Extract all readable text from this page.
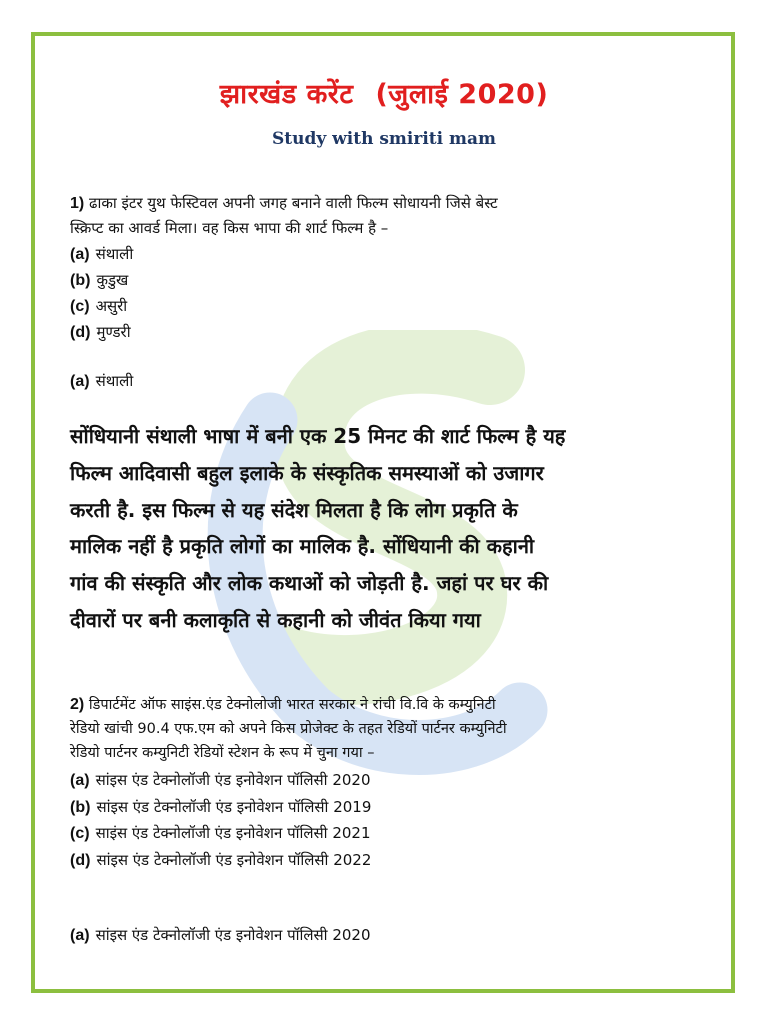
झारखंड करेंट (जुलाई 2020)
Study with smiriti mam
1) ढाका इंटर युथ फेस्टिवल अपनी जगह बनाने वाली फिल्म सोधायनी जिसे बेस्ट
स्क्रिप्ट का आवर्ड मिला। वह किस भापा की शार्ट फिल्म है –
(a) संथाली
(b) कुडुख
(c) असुरी
(d) मुण्डरी
(a) संथाली
सोंधियानी संथाली भाषा में बनी एक 25 मिनट की शार्ट फिल्म है यह
फिल्म आदिवासी बहुल इलाके के संस्कृतिक समस्याओं को उजागर
करती है. इस फिल्म से यह संदेश मिलता है कि लोग प्रकृति के
मालिक नहीं है प्रकृति लोगों का मालिक है. सोंधियानी की कहानी
गांव की संस्कृति और लोक कथाओं को जोड़ती है. जहां पर घर की
दीवारों पर बनी कलाकृति से कहानी को जीवंत किया गया
2) डिपार्टमेंट ऑफ साइंस.एंड टेक्नोलोजी भारत सरकार ने रांची वि.वि के कम्युनिटी
रेडियो खांची 90.4 एफ.एम को अपने किस प्रोजेक्ट के तहत रेडियों पार्टनर कम्युनिटी
रेडियो पार्टनर कम्युनिटी रेडियों स्टेशन के रूप में चुना गया –
(a) सांइस एंड टेक्नोलॉजी एंड इनोवेशन पॉलिसी 2020
(b) सांइस एंड टेक्नोलॉजी एंड इनोवेशन पॉलिसी 2019
(c) साइंस एंड टेक्नोलॉजी एंड इनोवेशन पॉलिसी 2021
(d) सांइस एंड टेक्नोलॉजी एंड इनोवेशन पॉलिसी 2022
(a) सांइस एंड टेक्नोलॉजी एंड इनोवेशन पॉलिसी 2020
